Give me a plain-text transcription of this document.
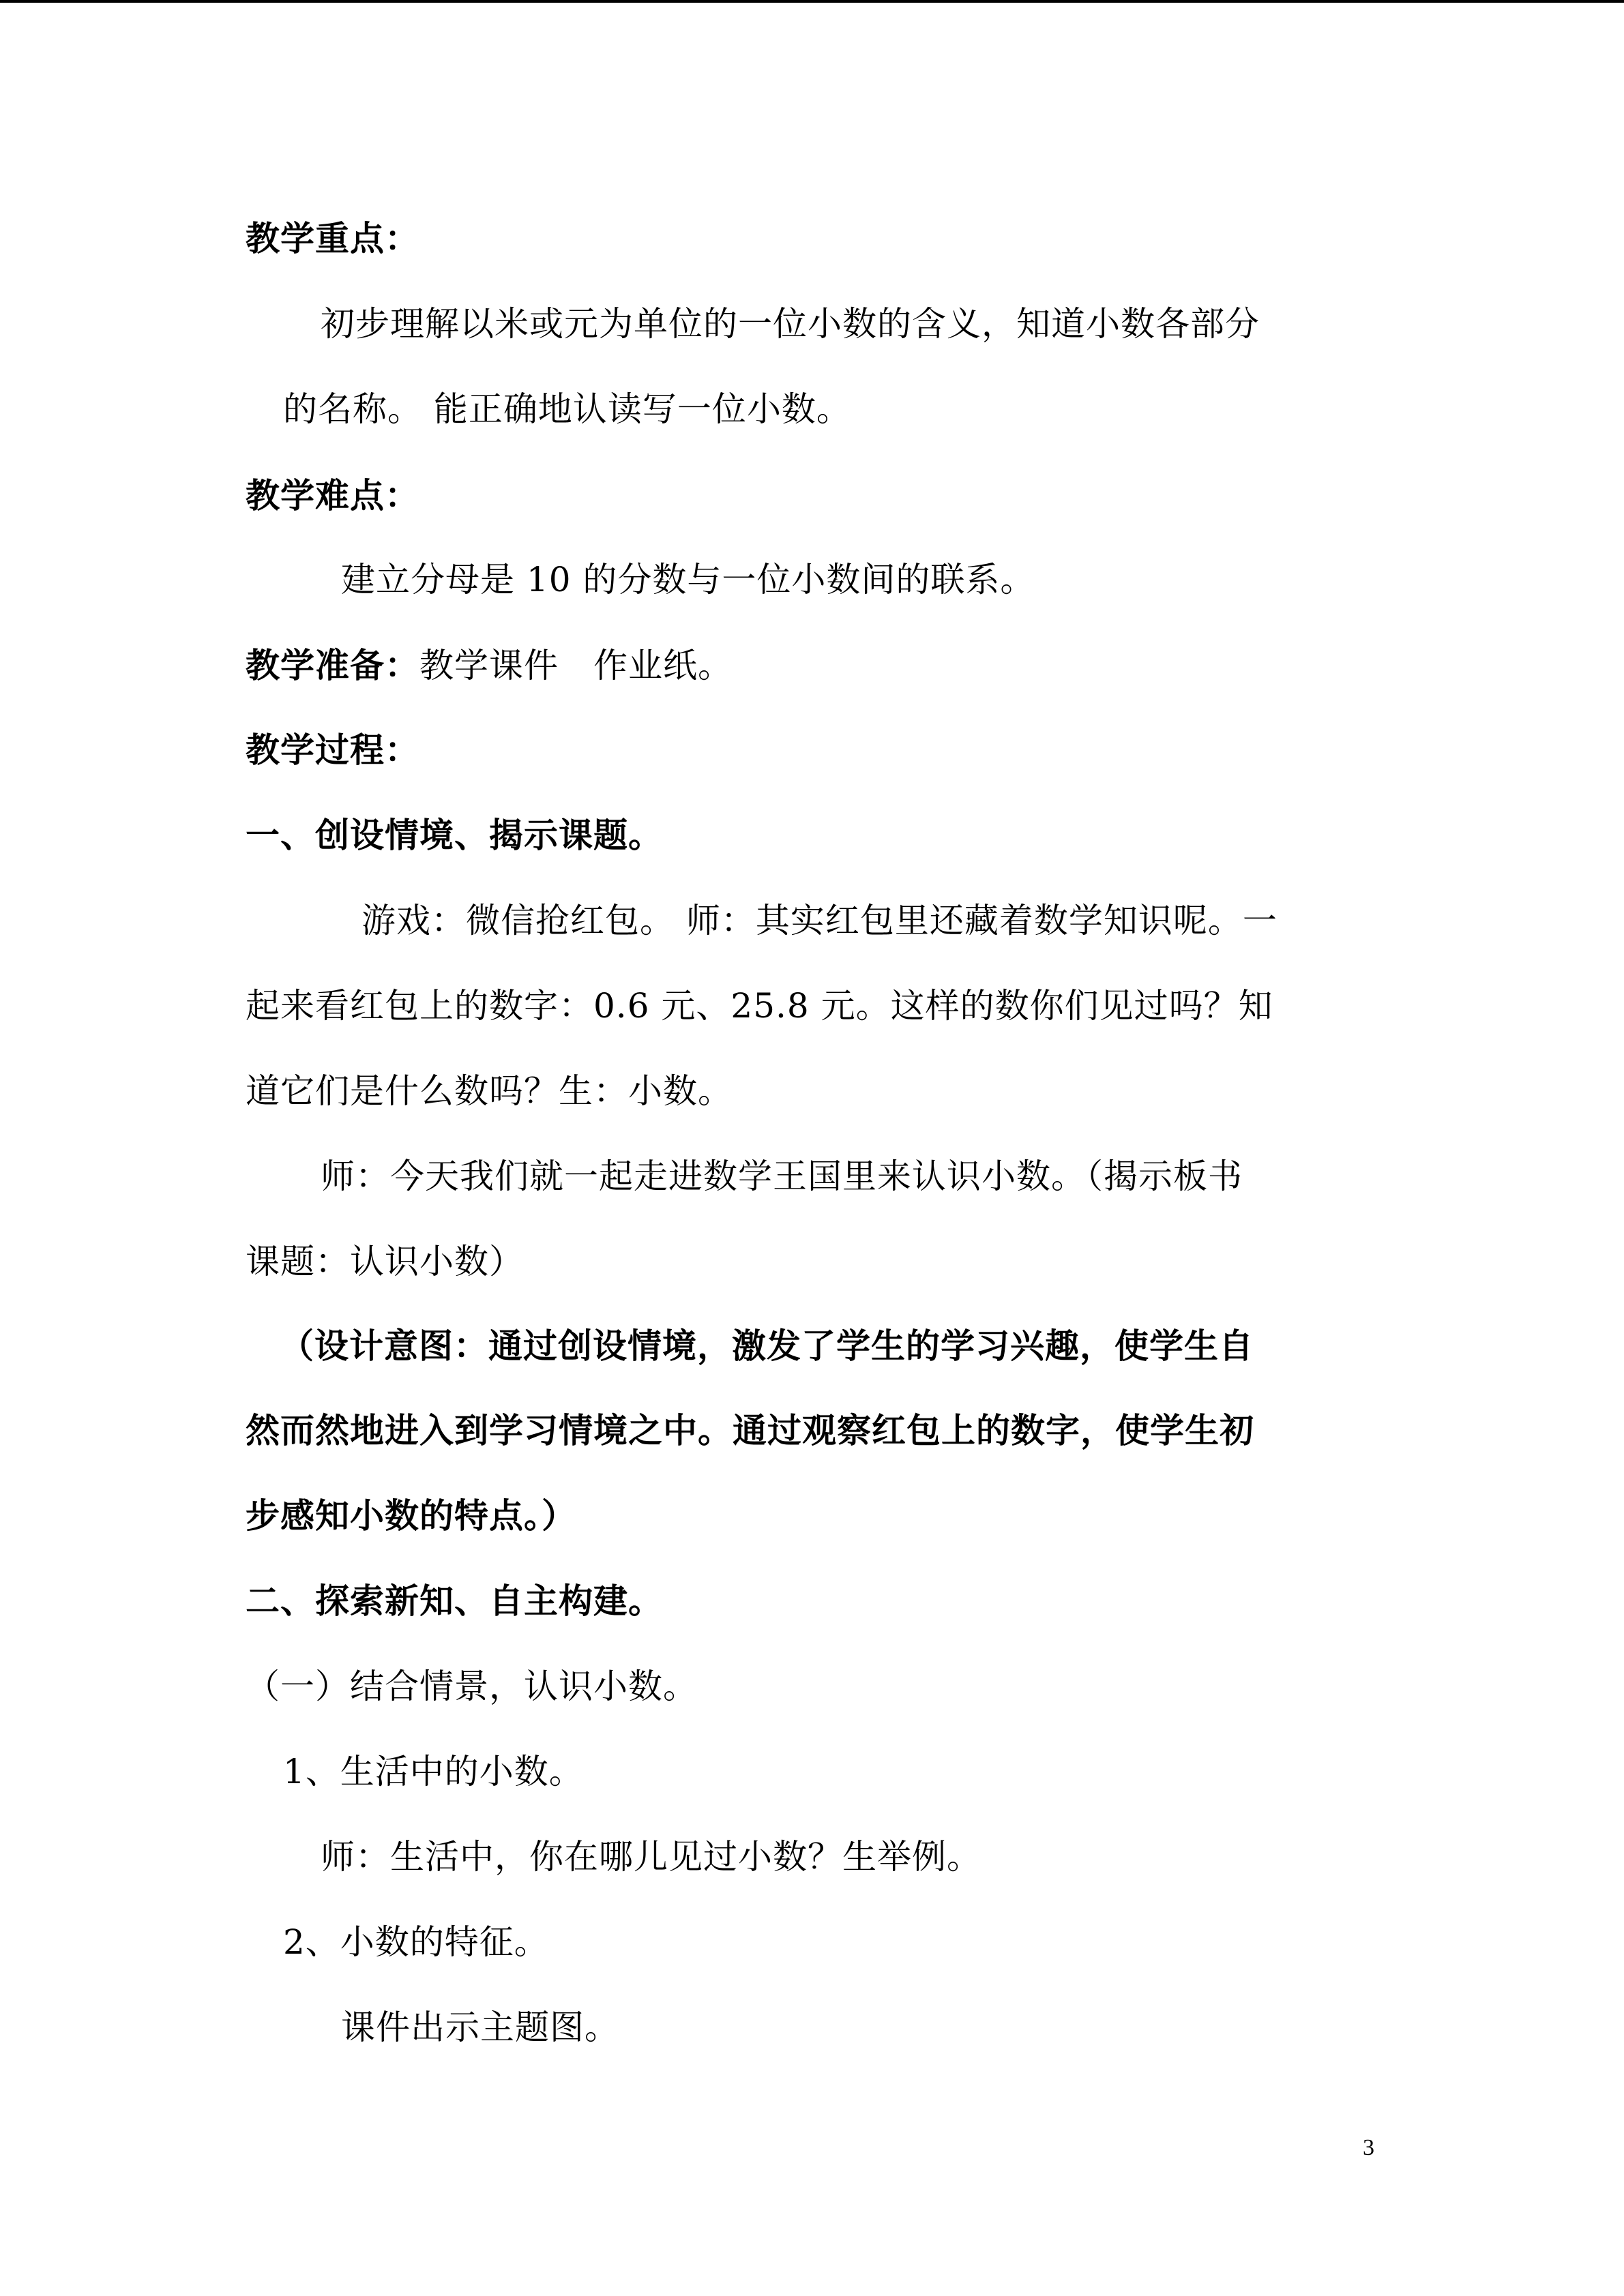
教学重点：
初步理解以米或元为单位的一位小数的含义，知道小数各部分
的名称。 能正确地认读写一位小数。
教学难点：
建立分母是 10 的分数与一位小数间的联系。
教学准备：教学课件　作业纸。
教学过程：
一、创设情境、揭示课题。
游戏：微信抢红包。 师：其实红包里还藏着数学知识呢。一
起来看红包上的数字：0.6 元、25.8 元。这样的数你们见过吗？知
道它们是什么数吗？生：小数。
师：今天我们就一起走进数学王国里来认识小数。（揭示板书
课题：认识小数）
（设计意图：通过创设情境，激发了学生的学习兴趣，使学生自
然而然地进入到学习情境之中。通过观察红包上的数字，使学生初
步感知小数的特点。）
二、探索新知、自主构建。
（一）结合情景，认识小数。
1、生活中的小数。
师：生活中，你在哪儿见过小数？生举例。
2、小数的特征。
课件出示主题图。
3
